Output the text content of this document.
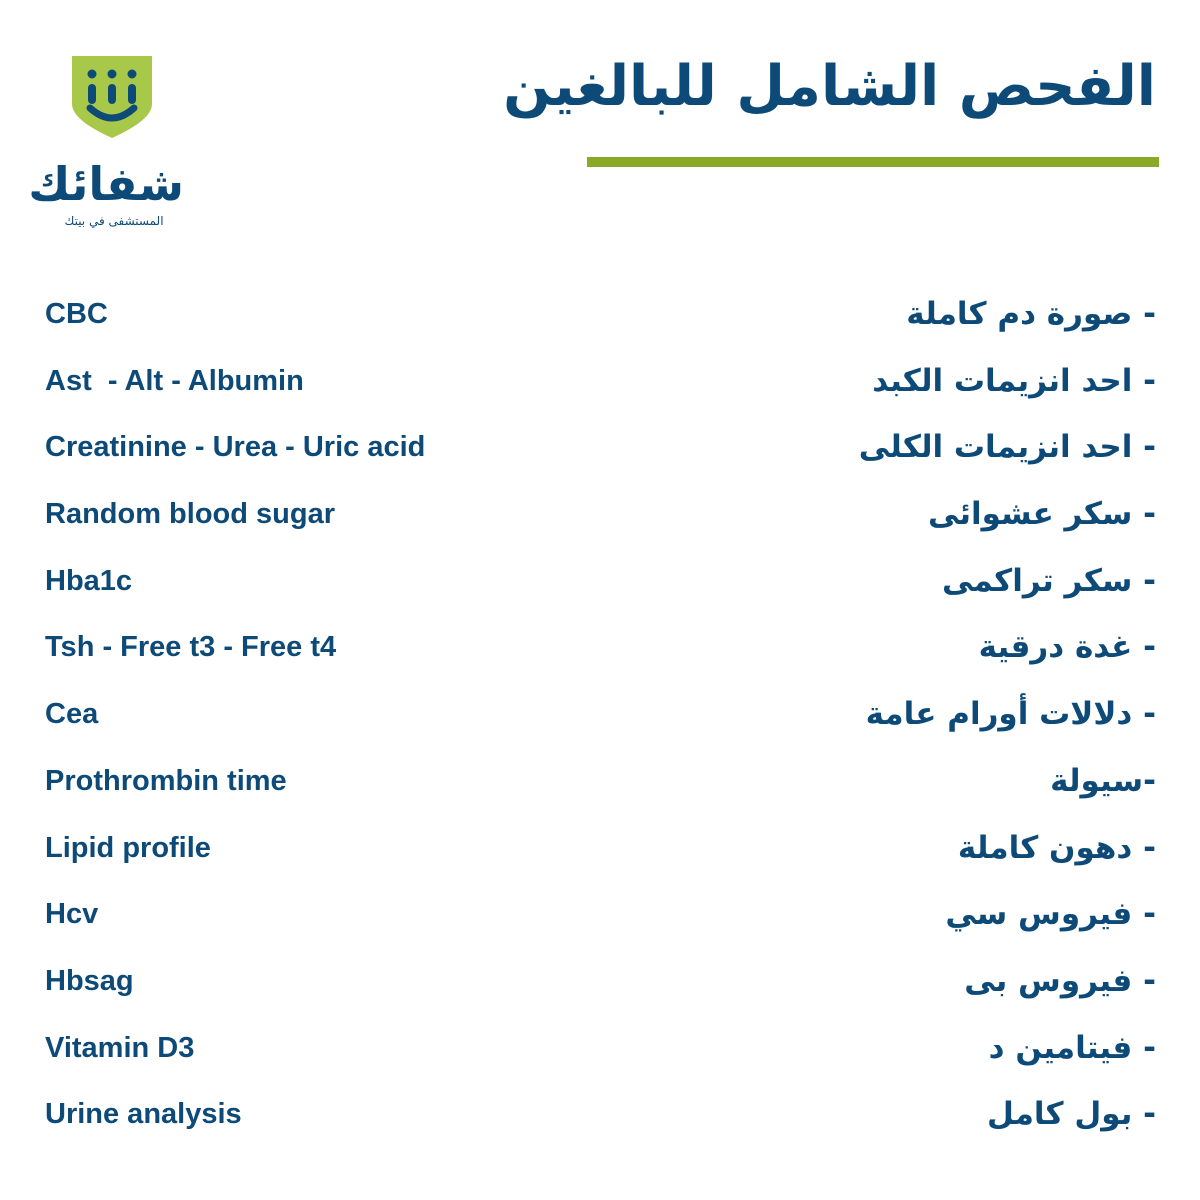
شفائك
المستشفى في بيتك
الفحص الشامل للبالغين
CBC	- صورة دم كاملة
Ast  - Alt - Albumin	- احد انزيمات الكبد
Creatinine - Urea - Uric acid	- احد انزيمات الكلى
Random blood sugar	- سكر عشوائى
Hba1c	- سكر تراكمى
Tsh - Free t3 - Free t4	- غدة درقية
Cea	- دلالات أورام عامة
Prothrombin time	-سيولة
Lipid profile	- دهون كاملة
Hcv	- فيروس سي
Hbsag	- فيروس بى
Vitamin D3	- فيتامين د
Urine analysis	- بول كامل
